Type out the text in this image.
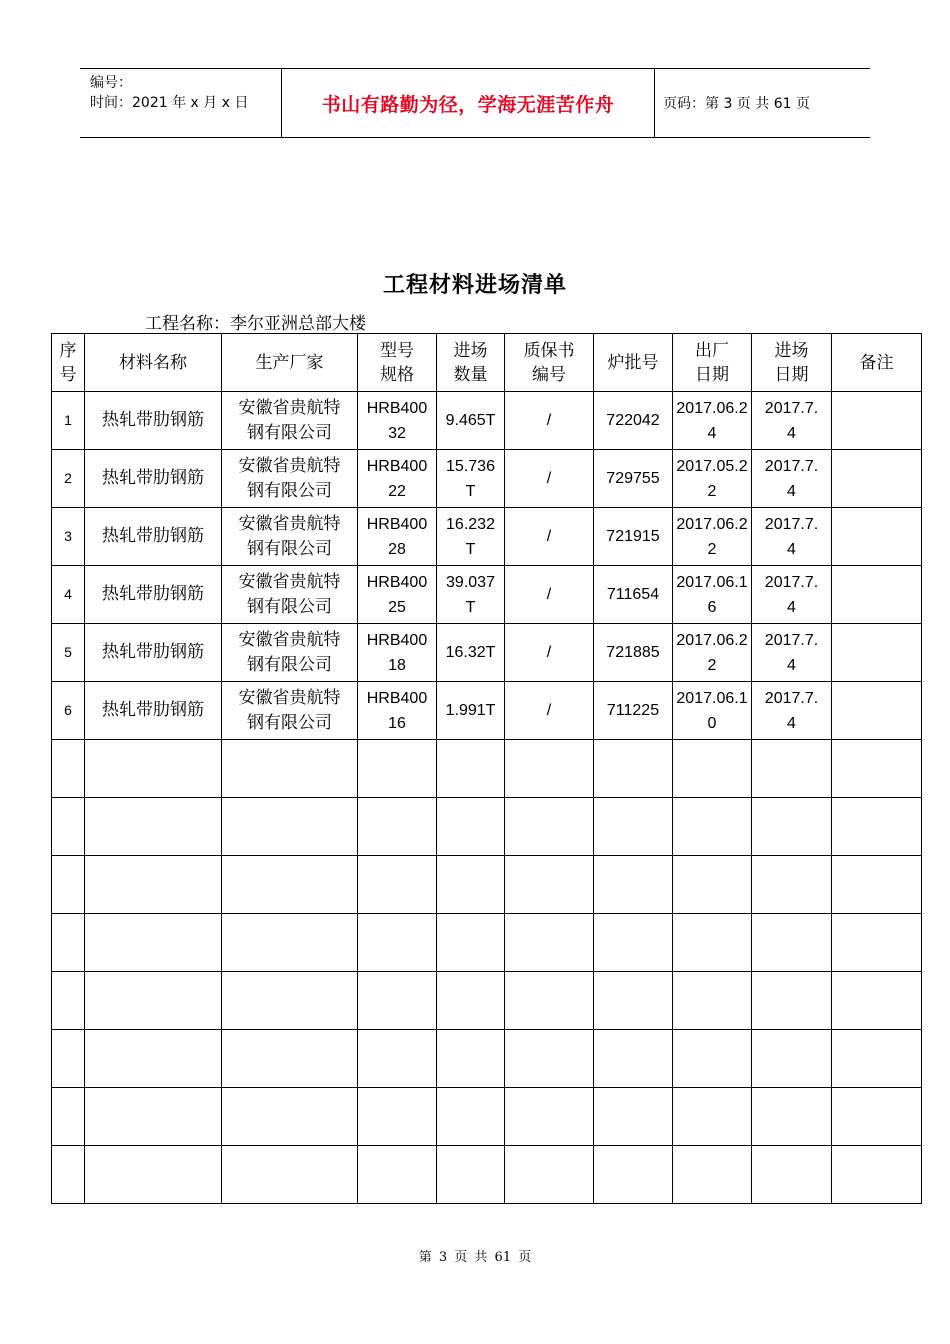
编号：
时间：2021 年 x 月 x 日	书山有路勤为径，学海无涯苦作舟	页码：第 3 页 共 61 页
工程材料进场清单
工程名称：李尔亚洲总部大楼
序号	材料名称	生产厂家	型号规格	进场数量	质保书编号	炉批号	出厂日期	进场日期	备注

1	热轧带肋钢筋	安徽省贵航特钢有限公司	HRB40032	9.465T	/	722042	2017.06.24	2017.7.4	

2	热轧带肋钢筋	安徽省贵航特钢有限公司	HRB40022	15.736T	/	729755	2017.05.22	2017.7.4	

3	热轧带肋钢筋	安徽省贵航特钢有限公司	HRB40028	16.232T	/	721915	2017.06.22	2017.7.4	

4	热轧带肋钢筋	安徽省贵航特钢有限公司	HRB40025	39.037T	/	711654	2017.06.16	2017.7.4	

5	热轧带肋钢筋	安徽省贵航特钢有限公司	HRB40018	16.32T	/	721885	2017.06.22	2017.7.4	

6	热轧带肋钢筋	安徽省贵航特钢有限公司	HRB40016	1.991T	/	711225	2017.06.10	2017.7.4	

第 3 页 共 61 页
